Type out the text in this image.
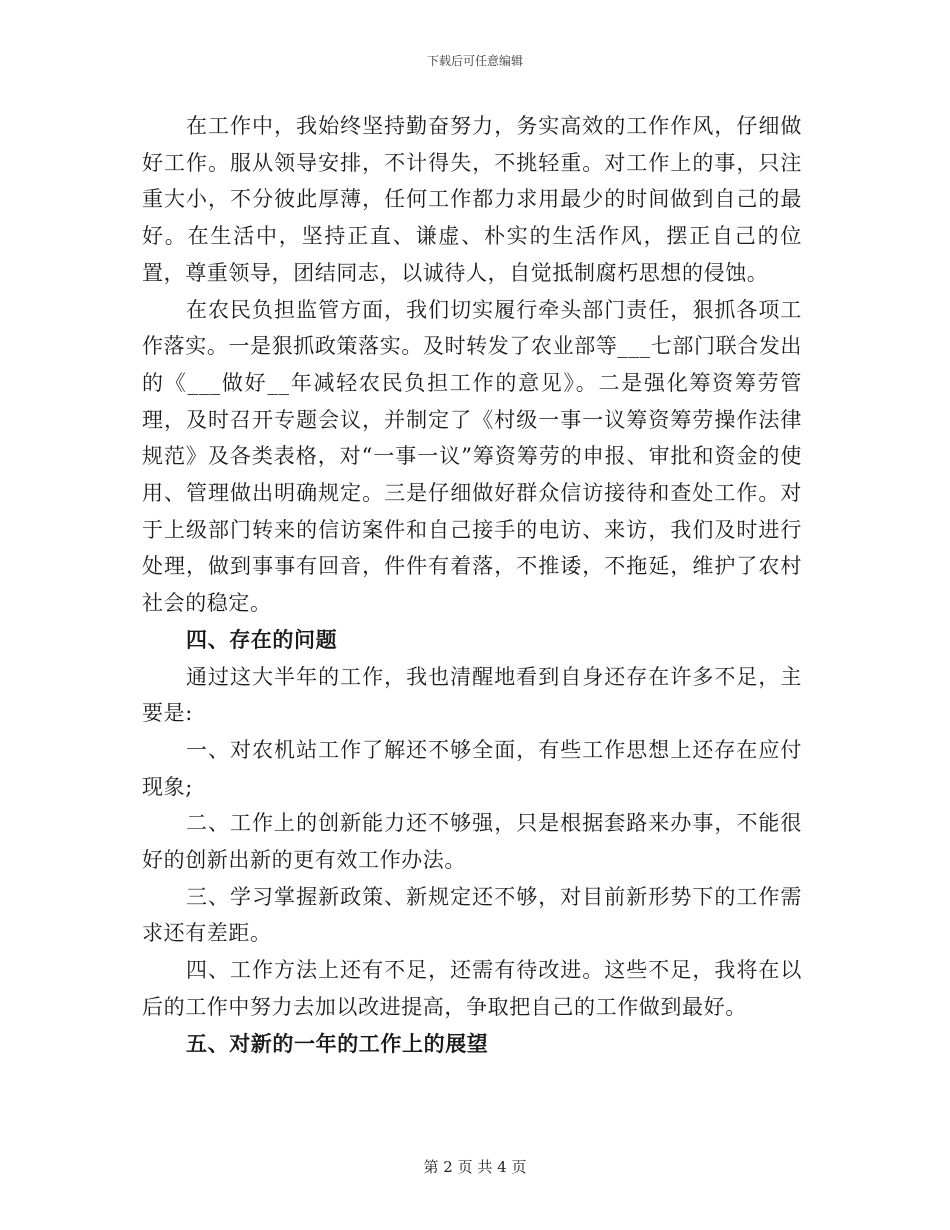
下载后可任意编辑

在工作中，我始终坚持勤奋努力，务实高效的工作作风，仔细做好工作。服从领导安排，不计得失，不挑轻重。对工作上的事，只注重大小，不分彼此厚薄，任何工作都力求用最少的时间做到自己的最好。在生活中，坚持正直、谦虚、朴实的生活作风，摆正自己的位置，尊重领导，团结同志，以诚待人，自觉抵制腐朽思想的侵蚀。

在农民负担监管方面，我们切实履行牵头部门责任，狠抓各项工作落实。一是狠抓政策落实。及时转发了农业部等___七部门联合发出的《___做好__年减轻农民负担工作的意见》。二是强化筹资筹劳管理，及时召开专题会议，并制定了《村级一事一议筹资筹劳操作法律规范》及各类表格，对“一事一议”筹资筹劳的申报、审批和资金的使用、管理做出明确规定。三是仔细做好群众信访接待和查处工作。对于上级部门转来的信访案件和自己接手的电访、来访，我们及时进行处理，做到事事有回音，件件有着落，不推诿，不拖延，维护了农村社会的稳定。

四、存在的问题

通过这大半年的工作，我也清醒地看到自身还存在许多不足，主要是:

一、对农机站工作了解还不够全面，有些工作思想上还存在应付现象;

二、工作上的创新能力还不够强，只是根据套路来办事，不能很好的创新出新的更有效工作办法。

三、学习掌握新政策、新规定还不够，对目前新形势下的工作需求还有差距。

四、工作方法上还有不足，还需有待改进。这些不足，我将在以后的工作中努力去加以改进提高，争取把自己的工作做到最好。

五、对新的一年的工作上的展望

第 2 页 共 4 页
